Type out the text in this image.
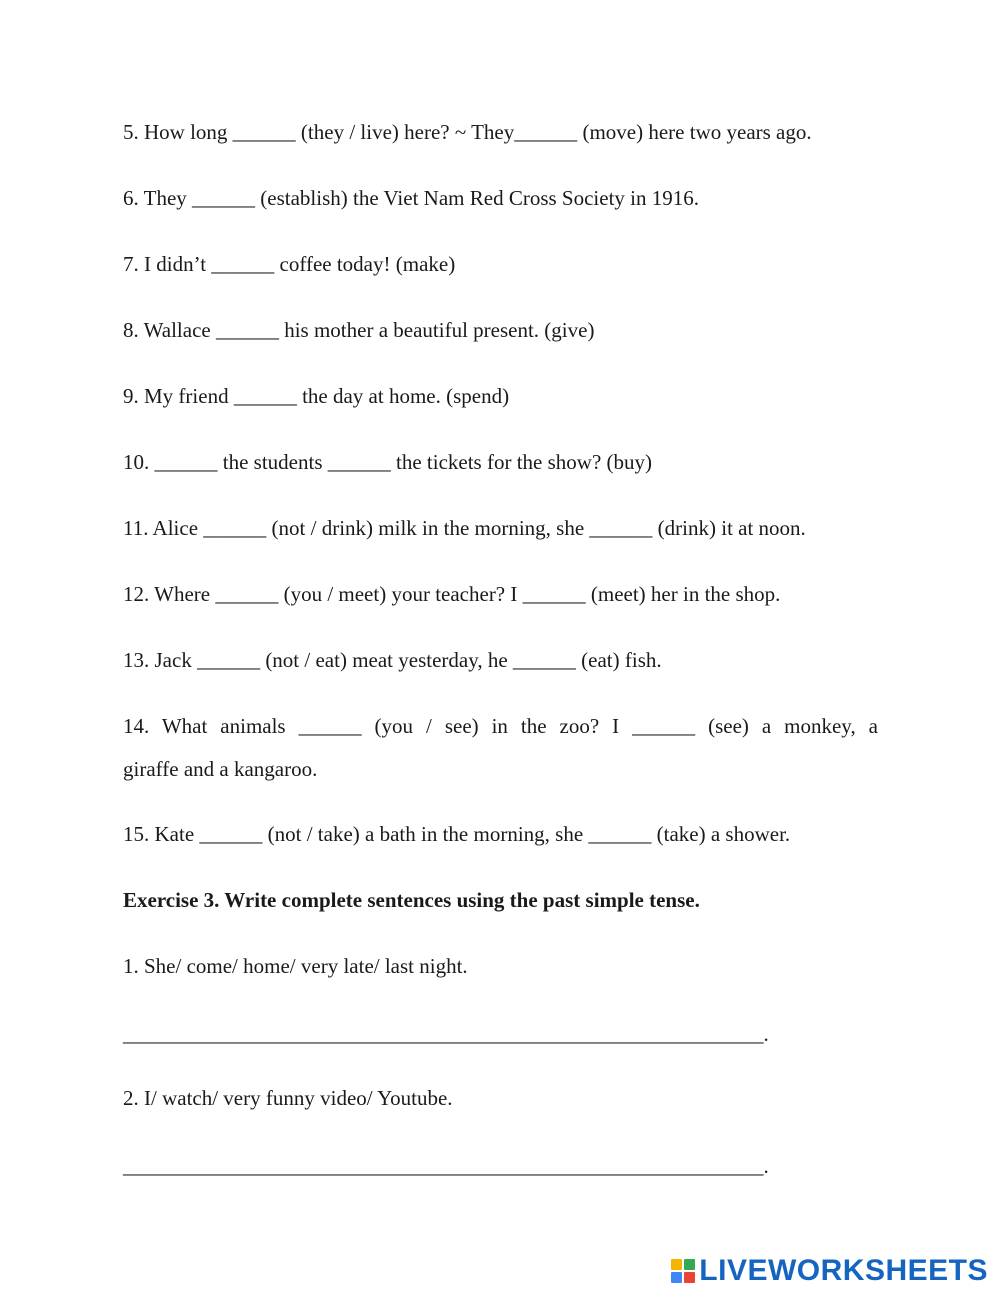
5. How long ______ (they / live) here? ~ They______ (move) here two years ago.
6. They ______ (establish) the Viet Nam Red Cross Society in 1916.
7. I didn’t ______ coffee today! (make)
8. Wallace ______ his mother a beautiful present. (give)
9. My friend ______ the day at home. (spend)
10. ______ the students ______ the tickets for the show? (buy)
11. Alice ______ (not / drink) milk in the morning, she ______ (drink) it at noon.
12. Where ______ (you / meet) your teacher? I ______ (meet) her in the shop.
13. Jack ______ (not / eat) meat yesterday, he ______ (eat) fish.
14. What animals ______ (you / see) in the zoo? I ______ (see) a monkey, a
giraffe and a kangaroo.
15. Kate ______ (not / take) a bath in the morning, she ______ (take) a shower.
Exercise 3. Write complete sentences using the past simple tense.
1. She/ come/ home/ very late/ last night.
_____________________________________________________________.
2. I/ watch/ very funny video/ Youtube.
_____________________________________________________________.
LIVEWORKSHEETS
